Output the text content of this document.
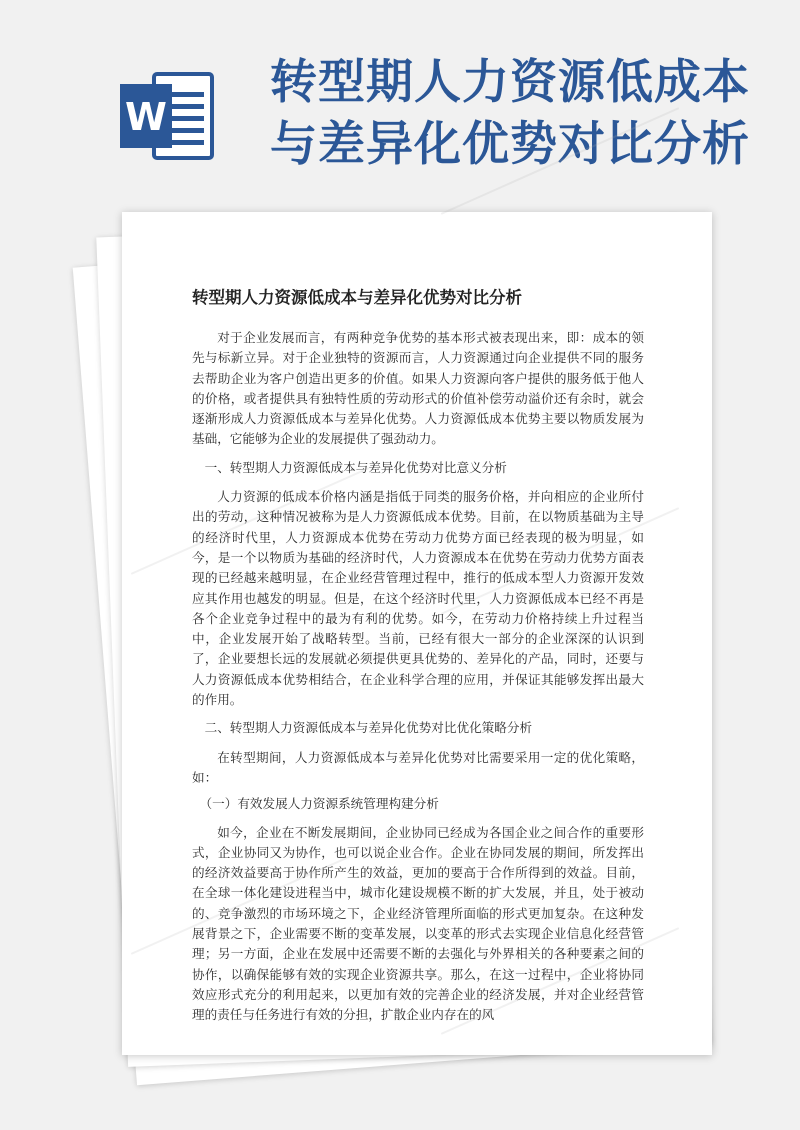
W
转型期人力资源低成本
与差异化优势对比分析
转型期人力资源低成本与差异化优势对比分析

对于企业发展而言，有两种竞争优势的基本形式被表现出来，即：成本的领先与标新立异。对于企业独特的资源而言，人力资源通过向企业提供不同的服务去帮助企业为客户创造出更多的价值。如果人力资源向客户提供的服务低于他人的价格，或者提供具有独特性质的劳动形式的价值补偿劳动溢价还有余时，就会逐渐形成人力资源低成本与差异化优势。人力资源低成本优势主要以物质发展为基础，它能够为企业的发展提供了强劲动力。

一、转型期人力资源低成本与差异化优势对比意义分析

人力资源的低成本价格内涵是指低于同类的服务价格，并向相应的企业所付出的劳动，这种情况被称为是人力资源低成本优势。目前，在以物质基础为主导的经济时代里，人力资源成本优势在劳动力优势方面已经表现的极为明显，如今，是一个以物质为基础的经济时代，人力资源成本在优势在劳动力优势方面表现的已经越来越明显，在企业经营管理过程中，推行的低成本型人力资源开发效应其作用也越发的明显。但是，在这个经济时代里，人力资源低成本已经不再是各个企业竞争过程中的最为有利的优势。如今，在劳动力价格持续上升过程当中，企业发展开始了战略转型。当前，已经有很大一部分的企业深深的认识到了，企业要想长远的发展就必须提供更具优势的、差异化的产品，同时，还要与人力资源低成本优势相结合，在企业科学合理的应用，并保证其能够发挥出最大的作用。

二、转型期人力资源低成本与差异化优势对比优化策略分析

在转型期间，人力资源低成本与差异化优势对比需要采用一定的优化策略，如：

（一）有效发展人力资源系统管理构建分析

如今，企业在不断发展期间，企业协同已经成为各国企业之间合作的重要形式，企业协同又为协作，也可以说企业合作。企业在协同发展的期间，所发挥出的经济效益要高于协作所产生的效益，更加的要高于合作所得到的效益。目前，在全球一体化建设进程当中，城市化建设规模不断的扩大发展，并且，处于被动的、竞争激烈的市场环境之下，企业经济管理所面临的形式更加复杂。在这种发展背景之下，企业需要不断的变革发展，以变革的形式去实现企业信息化经营管理；另一方面，企业在发展中还需要不断的去强化与外界相关的各种要素之间的协作，以确保能够有效的实现企业资源共享。那么，在这一过程中，企业将协同效应形式充分的利用起来，以更加有效的完善企业的经济发展，并对企业经营管理的责任与任务进行有效的分担，扩散企业内存在的风
